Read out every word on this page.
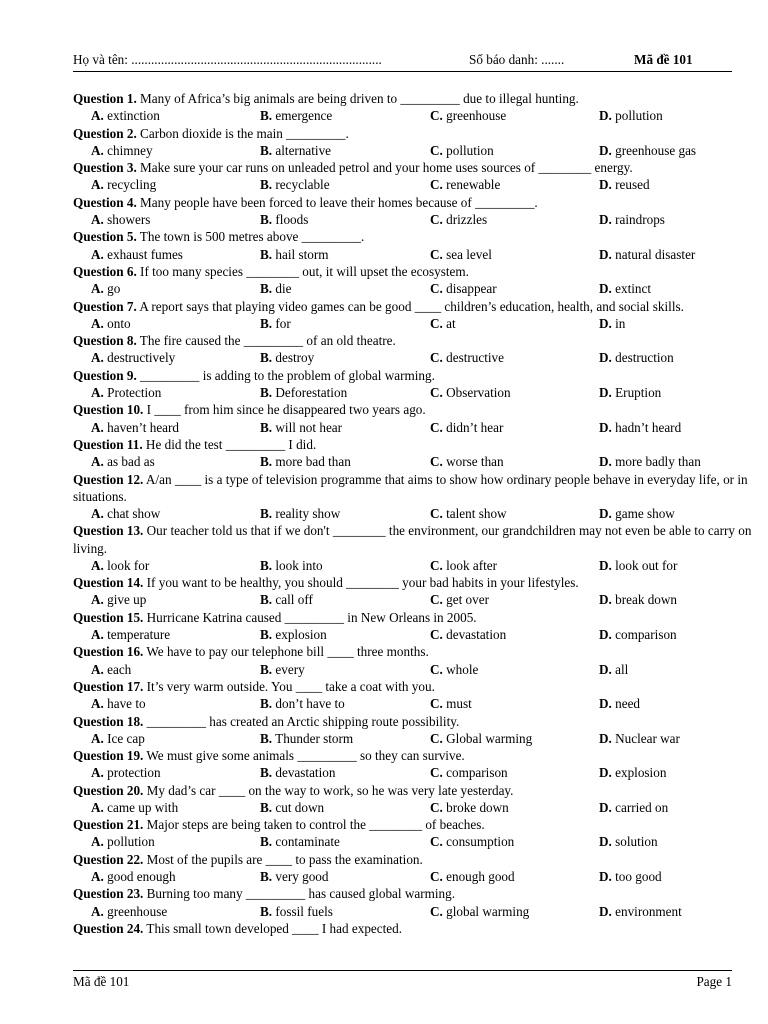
Họ và tên: ............................................................................	Số báo danh: .......	Mã đề 101

Question 1. Many of Africa’s big animals are being driven to _________ due to illegal hunting.

A. extinction	B. emergence	C. greenhouse	D. pollution

Question 2. Carbon dioxide is the main _________.

A. chimney	B. alternative	C. pollution	D. greenhouse gas

Question 3. Make sure your car runs on unleaded petrol and your home uses sources of ________ energy.

A. recycling	B. recyclable	C. renewable	D. reused

Question 4. Many people have been forced to leave their homes because of _________.

A. showers	B. floods	C. drizzles	D. raindrops

Question 5. The town is 500 metres above _________.

A. exhaust fumes	B. hail storm	C. sea level	D. natural disaster

Question 6. If too many species ________ out, it will upset the ecosystem.

A. go	B. die	C. disappear	D. extinct

Question 7. A report says that playing video games can be good ____ children’s education, health, and social skills.

A. onto	B. for	C. at	D. in

Question 8. The fire caused the _________ of an old theatre.

A. destructively	B. destroy	C. destructive	D. destruction

Question 9. _________ is adding to the problem of global warming.

A. Protection	B. Deforestation	C. Observation	D. Eruption

Question 10. I ____ from him since he disappeared two years ago.

A. haven’t heard	B. will not hear	C. didn’t hear	D. hadn’t heard

Question 11. He did the test _________ I did.

A. as bad as	B. more bad than	C. worse than	D. more badly than

Question 12. A/an ____ is a type of television programme that aims to show how ordinary people behave in everyday life, or in situations.

A. chat show	B. reality show	C. talent show	D. game show

Question 13. Our teacher told us that if we don't ________ the environment, our grandchildren may not even be able to carry on living.

A. look for	B. look into	C. look after	D. look out for

Question 14. If you want to be healthy, you should ________ your bad habits in your lifestyles.

A. give up	B. call off	C. get over	D. break down

Question 15. Hurricane Katrina caused _________ in New Orleans in 2005.

A. temperature	B. explosion	C. devastation	D. comparison

Question 16. We have to pay our telephone bill ____ three months.

A. each	B. every	C. whole	D. all

Question 17. It’s very warm outside. You ____ take a coat with you.

A. have to	B. don’t have to	C. must	D. need

Question 18. _________ has created an Arctic shipping route possibility.

A. Ice cap	B. Thunder storm	C. Global warming	D. Nuclear war

Question 19. We must give some animals _________ so they can survive.

A. protection	B. devastation	C. comparison	D. explosion

Question 20. My dad’s car ____ on the way to work, so he was very late yesterday.

A. came up with	B. cut down	C. broke down	D. carried on

Question 21. Major steps are being taken to control the ________ of beaches.

A. pollution	B. contaminate	C. consumption	D. solution

Question 22. Most of the pupils are ____ to pass the examination.

A. good enough	B. very good	C. enough good	D. too good

Question 23. Burning too many _________ has caused global warming.

A. greenhouse	B. fossil fuels	C. global warming	D. environment

Question 24. This small town developed ____ I had expected.

Mã đề 101	Page 1
